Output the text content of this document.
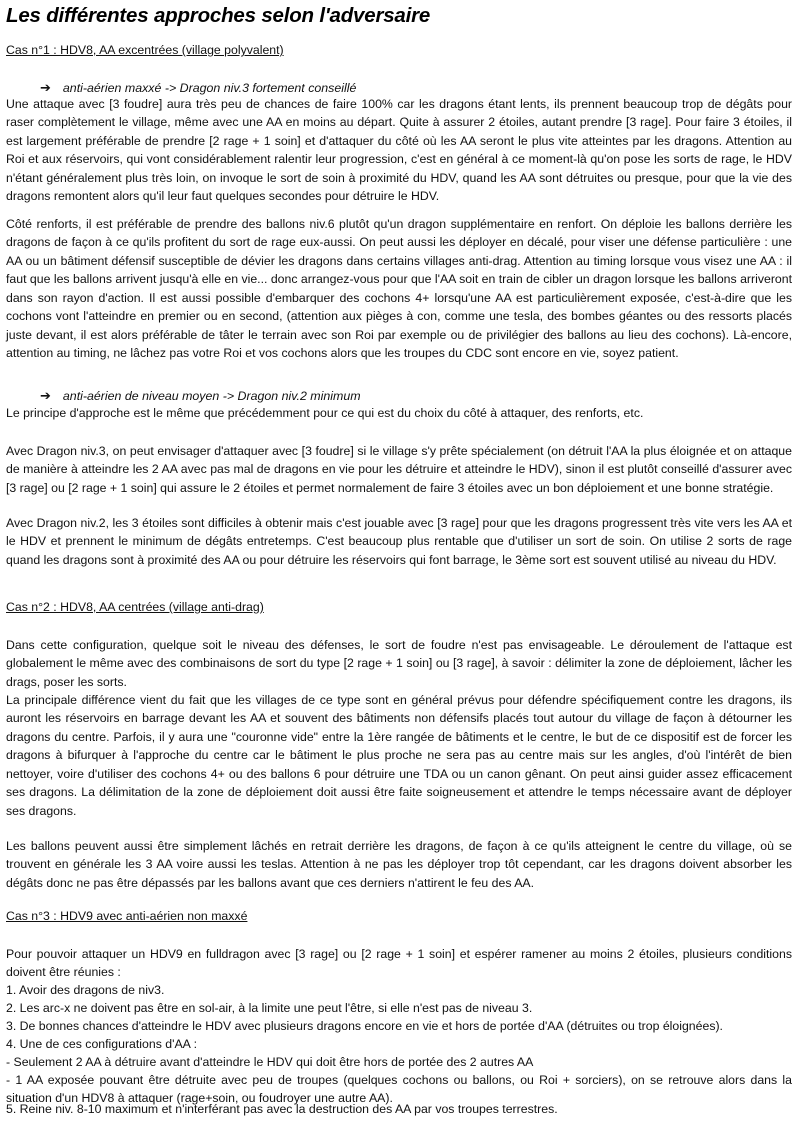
Les différentes approches selon l'adversaire

Cas n°1 : HDV8, AA excentrées (village polyvalent)

➔ anti-aérien maxxé -> Dragon niv.3 fortement conseillé

Une attaque avec [3 foudre] aura très peu de chances de faire 100% car les dragons étant lents, ils prennent beaucoup trop de dégâts pour raser complètement le village, même avec une AA en moins au départ. Quite à assurer 2 étoiles, autant prendre [3 rage]. Pour faire 3 étoiles, il est largement préférable de prendre [2 rage + 1 soin] et d'attaquer du côté où les AA seront le plus vite atteintes par les dragons. Attention au Roi et aux réservoirs, qui vont considérablement ralentir leur progression, c'est en général à ce moment-là qu'on pose les sorts de rage, le HDV n'étant généralement plus très loin, on invoque le sort de soin à proximité du HDV, quand les AA sont détruites ou presque, pour que la vie des dragons remontent alors qu'il leur faut quelques secondes pour détruire le HDV.

Côté renforts, il est préférable de prendre des ballons niv.6 plutôt qu'un dragon supplémentaire en renfort. On déploie les ballons derrière les dragons de façon à ce qu'ils profitent du sort de rage eux-aussi. On peut aussi les déployer en décalé, pour viser une défense particulière : une AA ou un bâtiment défensif susceptible de dévier les dragons dans certains villages anti-drag. Attention au timing lorsque vous visez une AA : il faut que les ballons arrivent jusqu'à elle en vie... donc arrangez-vous pour que l'AA soit en train de cibler un dragon lorsque les ballons arriveront dans son rayon d'action. Il est aussi possible d'embarquer des cochons 4+ lorsqu'une AA est particulièrement exposée, c'est-à-dire que les cochons vont l'atteindre en premier ou en second, (attention aux pièges à con, comme une tesla, des bombes géantes ou des ressorts placés juste devant, il est alors préférable de tâter le terrain avec son Roi par exemple ou de privilégier des ballons au lieu des cochons). Là-encore, attention au timing, ne lâchez pas votre Roi et vos cochons alors que les troupes du CDC sont encore en vie, soyez patient.

➔ anti-aérien de niveau moyen -> Dragon niv.2 minimum

Le principe d'approche est le même que précédemment pour ce qui est du choix du côté à attaquer, des renforts, etc.

Avec Dragon niv.3, on peut envisager d'attaquer avec [3 foudre] si le village s'y prête spécialement (on détruit l'AA la plus éloignée et on attaque de manière à atteindre les 2 AA avec pas mal de dragons en vie pour les détruire et atteindre le HDV), sinon il est plutôt conseillé d'assurer avec [3 rage] ou [2 rage + 1 soin] qui assure le 2 étoiles et permet normalement de faire 3 étoiles avec un bon déploiement et une bonne stratégie.

Avec Dragon niv.2, les 3 étoiles sont difficiles à obtenir mais c'est jouable avec [3 rage] pour que les dragons progressent très vite vers les AA et le HDV et prennent le minimum de dégâts entretemps. C'est beaucoup plus rentable que d'utiliser un sort de soin. On utilise 2 sorts de rage quand les dragons sont à proximité des AA ou pour détruire les réservoirs qui font barrage, le 3ème sort est souvent utilisé au niveau du HDV.

Cas n°2 : HDV8, AA centrées (village anti-drag)

Dans cette configuration, quelque soit le niveau des défenses, le sort de foudre n'est pas envisageable. Le déroulement de l'attaque est globalement le même avec des combinaisons de sort du type [2 rage + 1 soin] ou [3 rage], à savoir : délimiter la zone de déploiement, lâcher les drags, poser les sorts.

La principale différence vient du fait que les villages de ce type sont en général prévus pour défendre spécifiquement contre les dragons, ils auront les réservoirs en barrage devant les AA et souvent des bâtiments non défensifs placés tout autour du village de façon à détourner les dragons du centre. Parfois, il y aura une "couronne vide" entre la 1ère rangée de bâtiments et le centre, le but de ce dispositif est de forcer les dragons à bifurquer à l'approche du centre car le bâtiment le plus proche ne sera pas au centre mais sur les angles, d'où l'intérêt de bien nettoyer, voire d'utiliser des cochons 4+ ou des ballons 6 pour détruire une TDA ou un canon gênant. On peut ainsi guider assez efficacement ses dragons. La délimitation de la zone de déploiement doit aussi être faite soigneusement et attendre le temps nécessaire avant de déployer ses dragons.

Les ballons peuvent aussi être simplement lâchés en retrait derrière les dragons, de façon à ce qu'ils atteignent le centre du village, où se trouvent en générale les 3 AA voire aussi les teslas. Attention à ne pas les déployer trop tôt cependant, car les dragons doivent absorber les dégâts donc ne pas être dépassés par les ballons avant que ces derniers n'attirent le feu des AA.

Cas n°3 : HDV9 avec anti-aérien non maxxé

Pour pouvoir attaquer un HDV9 en fulldragon avec [3 rage] ou [2 rage + 1 soin] et espérer ramener au moins 2 étoiles, plusieurs conditions doivent être réunies :

1. Avoir des dragons de niv3.

2. Les arc-x ne doivent pas être en sol-air, à la limite une peut l'être, si elle n'est pas de niveau 3.

3. De bonnes chances d'atteindre le HDV avec plusieurs dragons encore en vie et hors de portée d'AA (détruites ou trop éloignées).

4. Une de ces configurations d'AA :

- Seulement 2 AA à détruire avant d'atteindre le HDV qui doit être hors de portée des 2 autres AA

- 1 AA exposée pouvant être détruite avec peu de troupes (quelques cochons ou ballons, ou Roi + sorciers), on se retrouve alors dans la situation d'un HDV8 à attaquer (rage+soin, ou foudroyer une autre AA).

5. Reine niv. 8-10 maximum et n'interférant pas avec la destruction des AA par vos troupes terrestres.
